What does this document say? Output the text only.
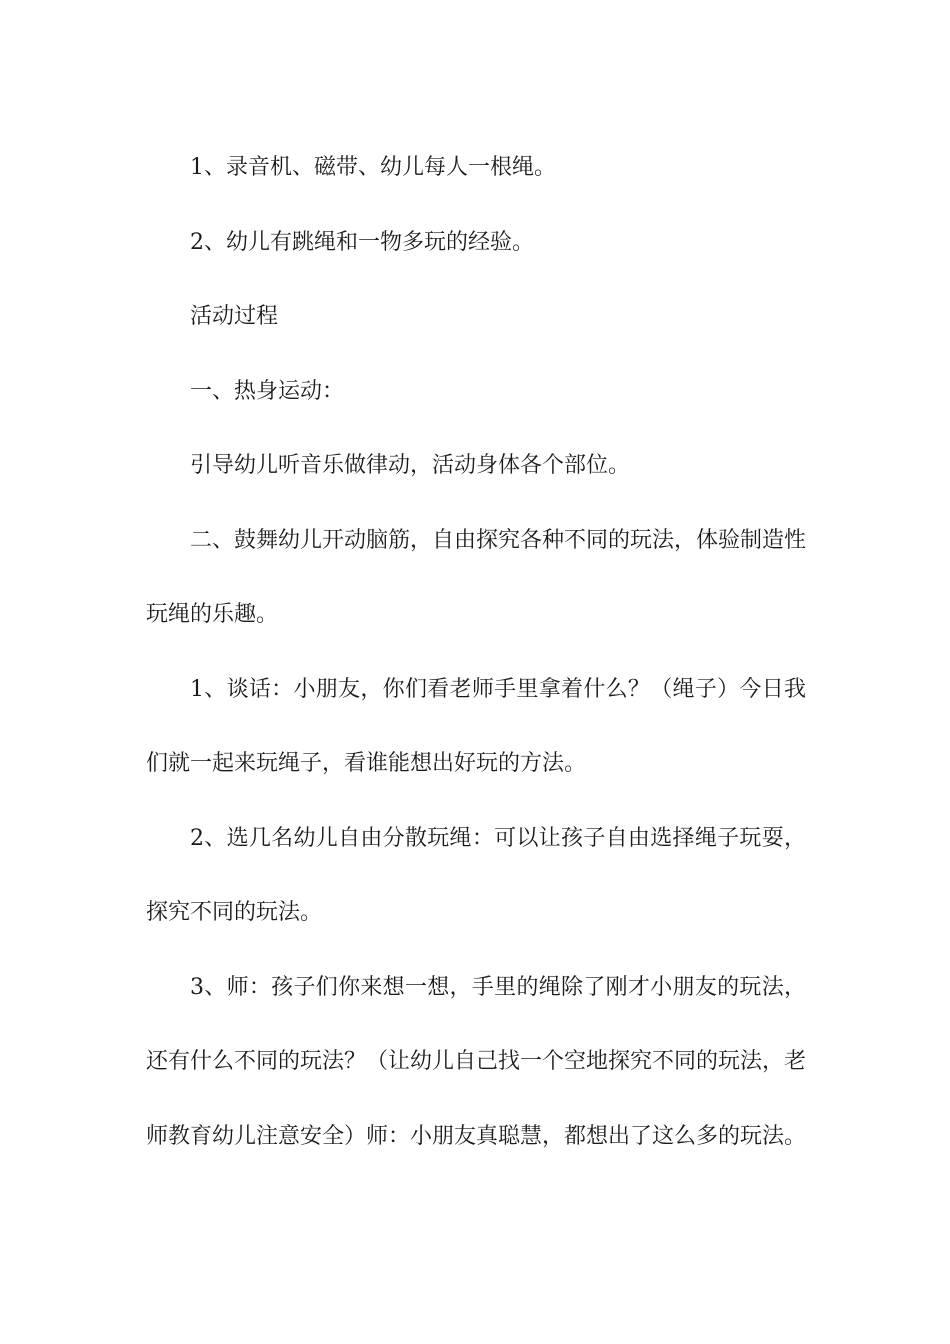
1、录音机、磁带、幼儿每人一根绳。

2、幼儿有跳绳和一物多玩的经验。

活动过程

一、热身运动：

引导幼儿听音乐做律动，活动身体各个部位。

二、鼓舞幼儿开动脑筋，自由探究各种不同的玩法，体验制造性玩绳的乐趣。

1、谈话：小朋友，你们看老师手里拿着什么？（绳子）今日我们就一起来玩绳子，看谁能想出好玩的方法。

2、选几名幼儿自由分散玩绳：可以让孩子自由选择绳子玩耍，探究不同的玩法。

3、师：孩子们你来想一想，手里的绳除了刚才小朋友的玩法，还有什么不同的玩法？（让幼儿自己找一个空地探究不同的玩法，老师教育幼儿注意安全）师：小朋友真聪慧，都想出了这么多的玩法。
